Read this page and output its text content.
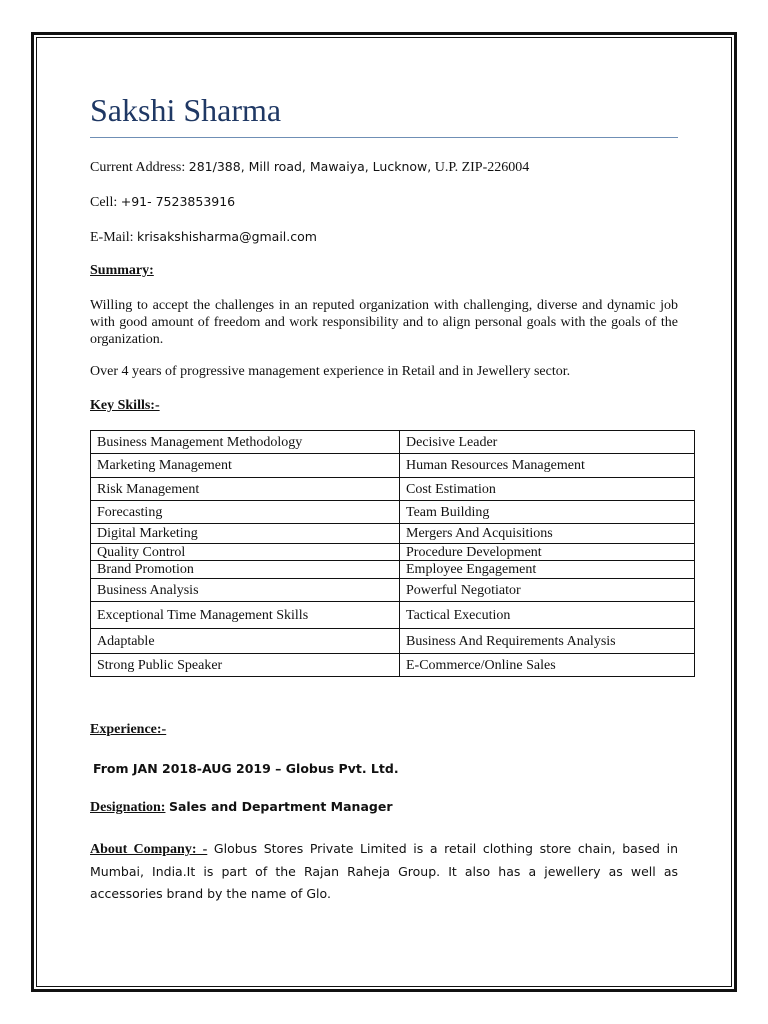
Sakshi Sharma
Current Address: 281/388, Mill road, Mawaiya, Lucknow, U.P. ZIP-226004
Cell: +91- 7523853916
E-Mail: krisakshisharma@gmail.com
Summary:
Willing to accept the challenges in an reputed organization with challenging, diverse and dynamic job with good amount of freedom and work responsibility and to align personal goals with the goals of the organization.
Over 4 years of progressive management experience in Retail and in Jewellery sector.
Key Skills:-
Business Management Methodology	Decisive Leader
Marketing Management	Human Resources Management
Risk Management	Cost Estimation
Forecasting	Team Building
Digital Marketing	Mergers And Acquisitions
Quality Control	Procedure Development
Brand Promotion	Employee Engagement
Business Analysis	Powerful Negotiator
Exceptional Time Management Skills	Tactical Execution
Adaptable	Business And Requirements Analysis
Strong Public Speaker	E-Commerce/Online Sales
Experience:-
From JAN 2018-AUG 2019 – Globus Pvt. Ltd.
Designation: Sales and Department Manager
About Company: - Globus Stores Private Limited is a retail clothing store chain, based in Mumbai, India.It is part of the Rajan Raheja Group. It also has a jewellery as well as accessories brand by the name of Glo.
